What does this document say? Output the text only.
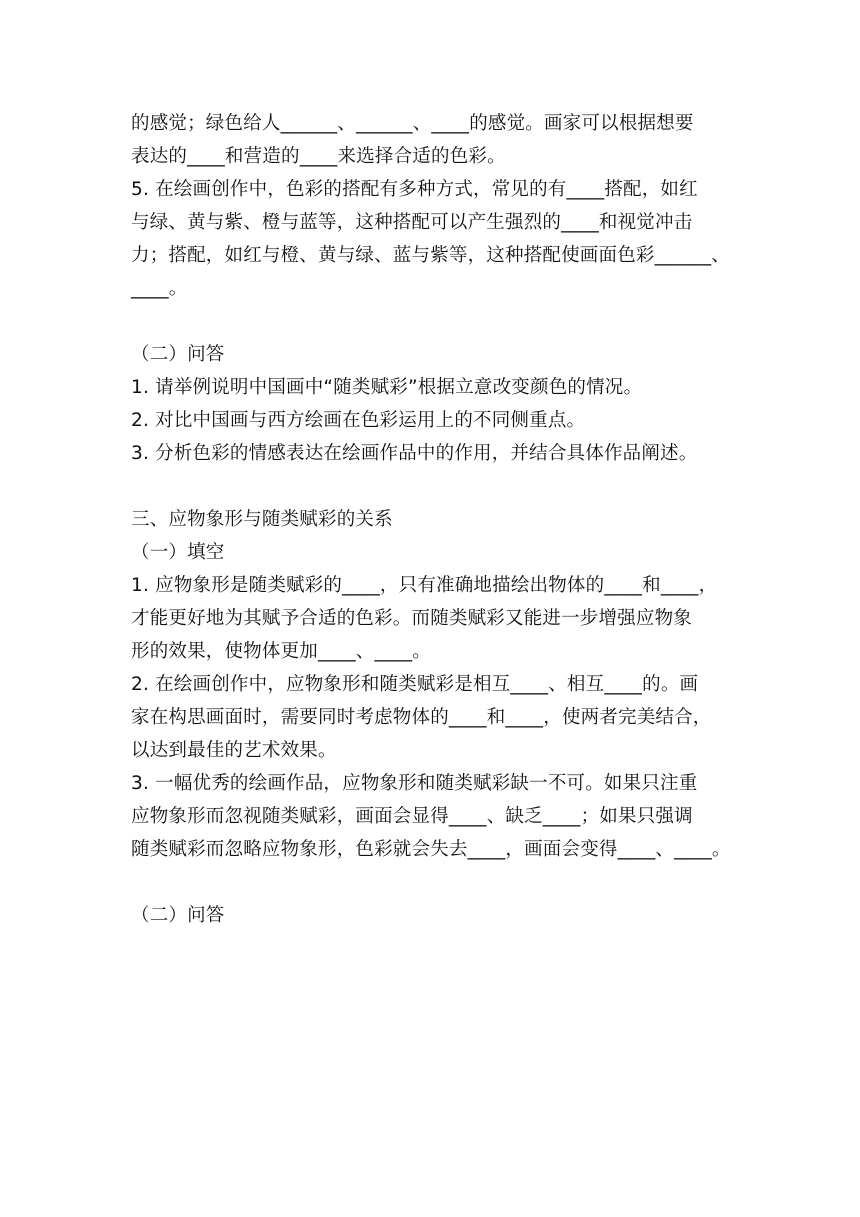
的感觉；绿色给人______、______、____的感觉。画家可以根据想要

表达的____和营造的____来选择合适的色彩。

5. 在绘画创作中，色彩的搭配有多种方式，常见的有____搭配，如红

与绿、黄与紫、橙与蓝等，这种搭配可以产生强烈的____和视觉冲击

力；搭配，如红与橙、黄与绿、蓝与紫等，这种搭配使画面色彩______、

____。

（二）问答

1. 请举例说明中国画中“随类赋彩”根据立意改变颜色的情况。

2. 对比中国画与西方绘画在色彩运用上的不同侧重点。

3. 分析色彩的情感表达在绘画作品中的作用，并结合具体作品阐述。

三、应物象形与随类赋彩的关系

（一）填空

1. 应物象形是随类赋彩的____，只有准确地描绘出物体的____和____，

才能更好地为其赋予合适的色彩。而随类赋彩又能进一步增强应物象

形的效果，使物体更加____、____。

2. 在绘画创作中，应物象形和随类赋彩是相互____、相互____的。画

家在构思画面时，需要同时考虑物体的____和____，使两者完美结合，

以达到最佳的艺术效果。

3. 一幅优秀的绘画作品，应物象形和随类赋彩缺一不可。如果只注重

应物象形而忽视随类赋彩，画面会显得____、缺乏____；如果只强调

随类赋彩而忽略应物象形，色彩就会失去____，画面会变得____、____。

（二）问答
